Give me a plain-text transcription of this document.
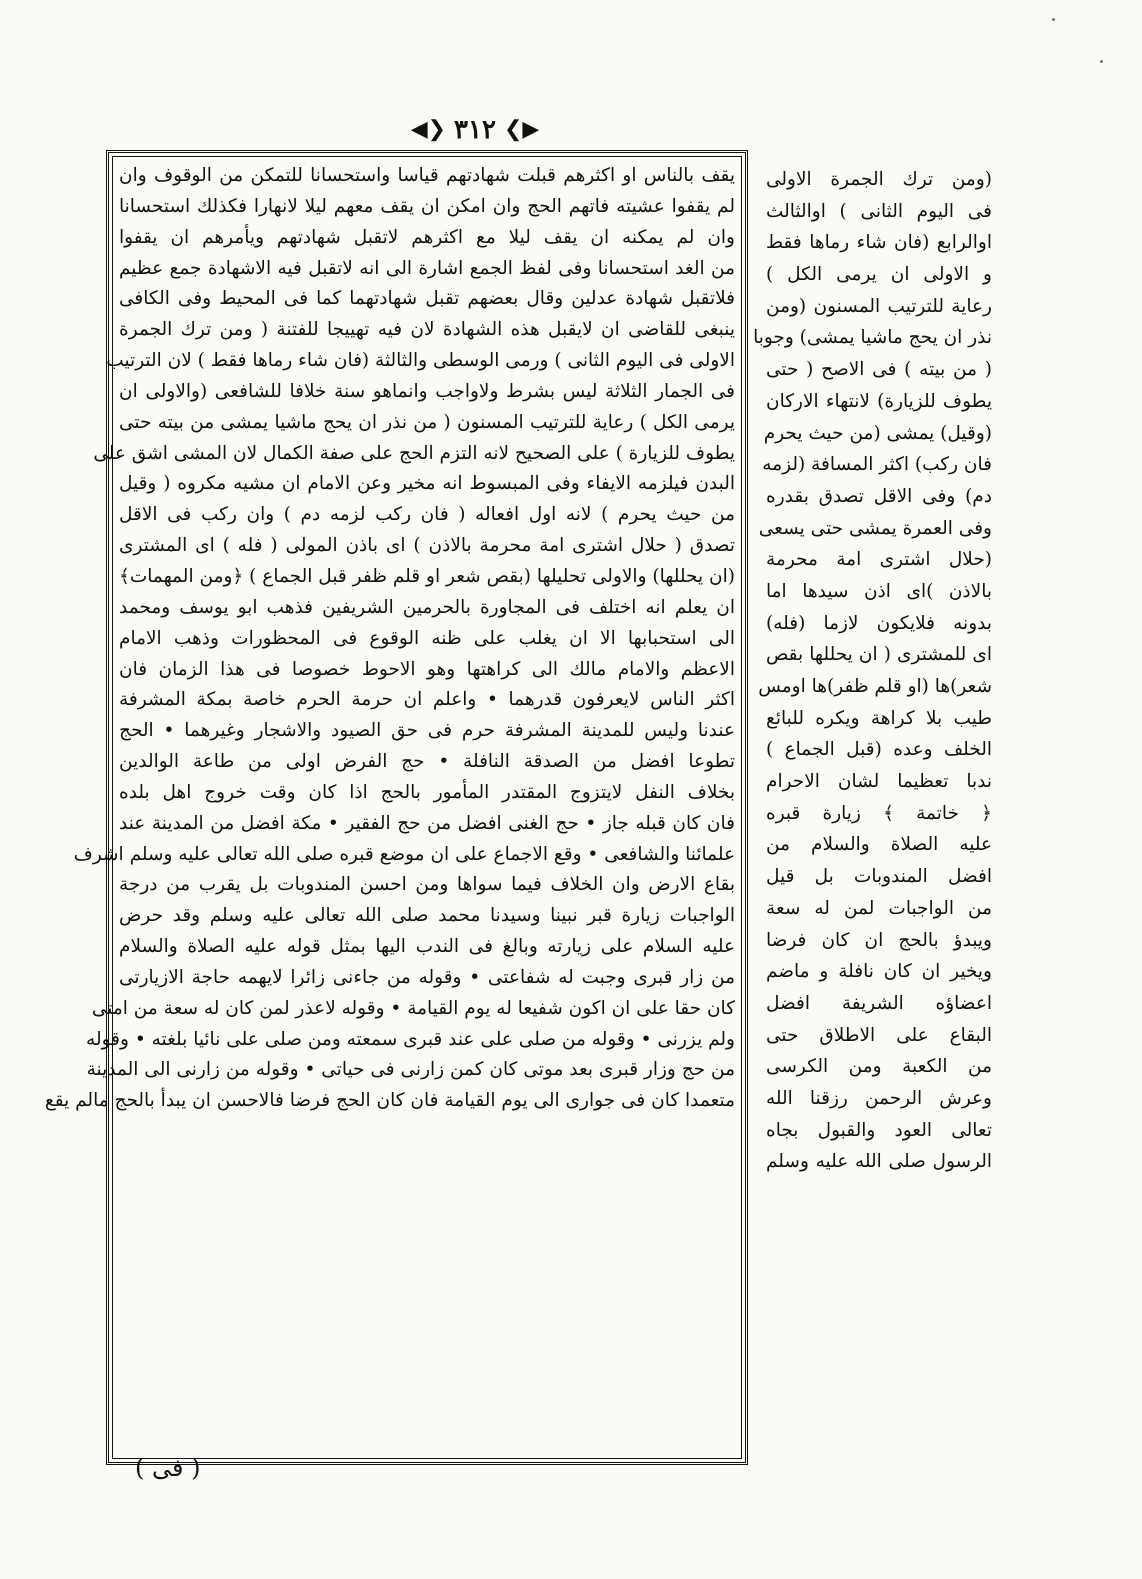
◀❯ ٣١٢ ❮▶
يقف بالناس او اكثرهم قبلت شهادتهم قياسا واستحسانا للتمكن من الوقوف وان
لم يقفوا عشيته فاتهم الحج وان امكن ان يقف معهم ليلا لانهارا فكذلك استحسانا
وان لم يمكنه ان يقف ليلا مع اكثرهم لاتقبل شهادتهم ويأمرهم ان يقفوا
من الغد استحسانا وفى لفظ الجمع اشارة الى انه لاتقبل فيه الاشهادة جمع عظيم
فلاتقبل شهادة عدلين وقال بعضهم تقبل شهادتهما كما فى المحيط وفى الكافى
ينبغى للقاضى ان لايقبل هذه الشهادة لان فيه تهييجا للفتنة ( ومن ترك الجمرة
الاولى فى اليوم الثانى ) ورمى الوسطى والثالثة (فان شاء رماها فقط ) لان الترتيب
فى الجمار الثلاثة ليس بشرط ولاواجب وانماهو سنة خلافا للشافعى (والاولى ان
يرمى الكل ) رعاية للترتيب المسنون ( من نذر ان يحج ماشيا يمشى من بيته حتى
يطوف للزيارة ) على الصحيح لانه التزم الحج على صفة الكمال لان المشى اشق على
البدن فيلزمه الايفاء وفى المبسوط انه مخير وعن الامام ان مشيه مكروه ( وقيل
من حيث يحرم ) لانه اول افعاله ( فان ركب لزمه دم ) وان ركب فى الاقل
تصدق ( حلال اشترى امة محرمة بالاذن ) اى باذن المولى ( فله ) اى المشترى
(ان يحللها) والاولى تحليلها (بقص شعر او قلم ظفر قبل الجماع ) ﴿ومن المهمات﴾
ان يعلم انه اختلف فى المجاورة بالحرمين الشريفين فذهب ابو يوسف ومحمد
الى استحبابها الا ان يغلب على ظنه الوقوع فى المحظورات وذهب الامام
الاعظم والامام مالك الى كراهتها وهو الاحوط خصوصا فى هذا الزمان فان
اكثر الناس لايعرفون قدرهما • واعلم ان حرمة الحرم خاصة بمكة المشرفة
عندنا وليس للمدينة المشرفة حرم فى حق الصيود والاشجار وغيرهما • الحج
تطوعا افضل من الصدقة النافلة • حج الفرض اولى من طاعة الوالدين
بخلاف النفل لايتزوج المقتدر المأمور بالحج اذا كان وقت خروج اهل بلده
فان كان قبله جاز • حج الغنى افضل من حج الفقير • مكة افضل من المدينة عند
علمائنا والشافعى • وقع الاجماع على ان موضع قبره صلى الله تعالى عليه وسلم اشرف
بقاع الارض وان الخلاف فيما سواها ومن احسن المندوبات بل يقرب من درجة
الواجبات زيارة قبر نبينا وسيدنا محمد صلى الله تعالى عليه وسلم وقد حرض
عليه السلام على زيارته وبالغ فى الندب اليها بمثل قوله عليه الصلاة والسلام
من زار قبرى وجبت له شفاعتى • وقوله من جاءنى زائرا لايهمه حاجة الازيارتى
كان حقا على ان اكون شفيعا له يوم القيامة • وقوله لاعذر لمن كان له سعة من امتى
ولم يزرنى • وقوله من صلى على عند قبرى سمعته ومن صلى على نائيا بلغته • وقوله
من حج وزار قبرى بعد موتى كان كمن زارنى فى حياتى • وقوله من زارنى الى المدينة
متعمدا كان فى جوارى الى يوم القيامة فان كان الحج فرضا فالاحسن ان يبدأ بالحج مالم يقع
(ومن ترك الجمرة الاولى
فى اليوم الثانى ) اوالثالث
اوالرابع (فان شاء رماها فقط
و الاولى ان يرمى الكل )
رعاية للترتيب المسنون (ومن
نذر ان يحج ماشيا يمشى) وجوبا
( من بيته ) فى الاصح ( حتى
يطوف للزيارة) لانتهاء الاركان
(وقيل) يمشى (من حيث يحرم
فان ركب) اكثر المسافة (لزمه
دم) وفى الاقل تصدق بقدره
وفى العمرة يمشى حتى يسعى
(حلال اشترى امة محرمة
بالاذن )اى اذن سيدها اما
بدونه فلايكون لازما (فله)
اى للمشترى ( ان يحللها بقص
شعر)ها (او قلم ظفر)ها اومس
طيب بلا كراهة ويكره للبائع
الخلف وعده (قبل الجماع )
ندبا تعظيما لشان الاحرام
﴿ خاتمة ﴾ زيارة قبره
عليه الصلاة والسلام من
افضل المندوبات بل قيل
من الواجبات لمن له سعة
ويبدؤ بالحج ان كان فرضا
ويخير ان كان نافلة و ماضم
اعضاؤه الشريفة افضل
البقاع على الاطلاق حتى
من الكعبة ومن الكرسى
وعرش الرحمن رزقنا الله
تعالى العود والقبول بجاه
الرسول صلى الله عليه وسلم
( فى )
